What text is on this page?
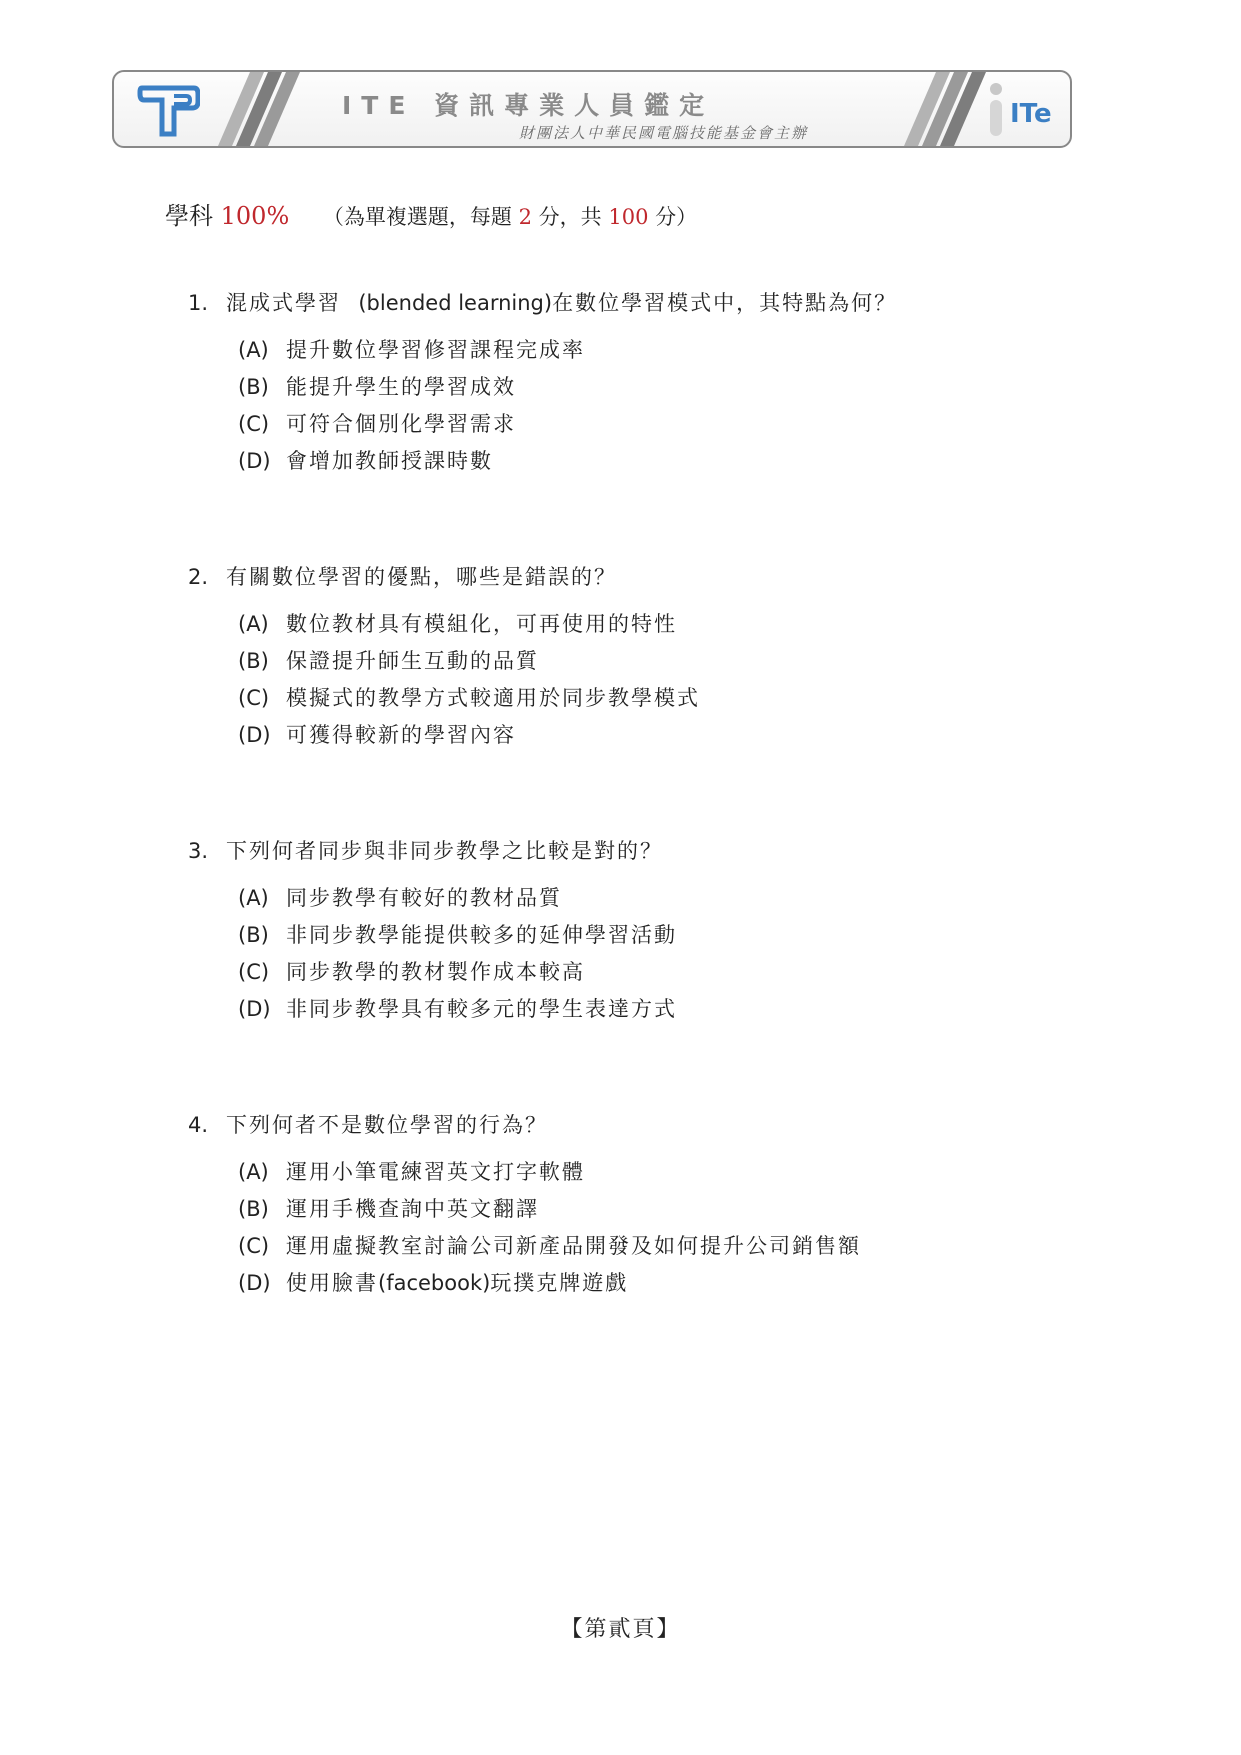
ITE 資訊專業人員鑑定
財團法人中華民國電腦技能基金會主辦
ITe
學科 100% （為單複選題，每題 2 分，共 100 分）
1. 混成式學習 (blended learning)在數位學習模式中，其特點為何？
(A) 提升數位學習修習課程完成率
(B) 能提升學生的學習成效
(C) 可符合個別化學習需求
(D) 會增加教師授課時數
2. 有關數位學習的優點，哪些是錯誤的？
(A) 數位教材具有模組化，可再使用的特性
(B) 保證提升師生互動的品質
(C) 模擬式的教學方式較適用於同步教學模式
(D) 可獲得較新的學習內容
3. 下列何者同步與非同步教學之比較是對的？
(A) 同步教學有較好的教材品質
(B) 非同步教學能提供較多的延伸學習活動
(C) 同步教學的教材製作成本較高
(D) 非同步教學具有較多元的學生表達方式
4. 下列何者不是數位學習的行為？
(A) 運用小筆電練習英文打字軟體
(B) 運用手機查詢中英文翻譯
(C) 運用虛擬教室討論公司新產品開發及如何提升公司銷售額
(D) 使用臉書(facebook)玩撲克牌遊戲
【第貳頁】
